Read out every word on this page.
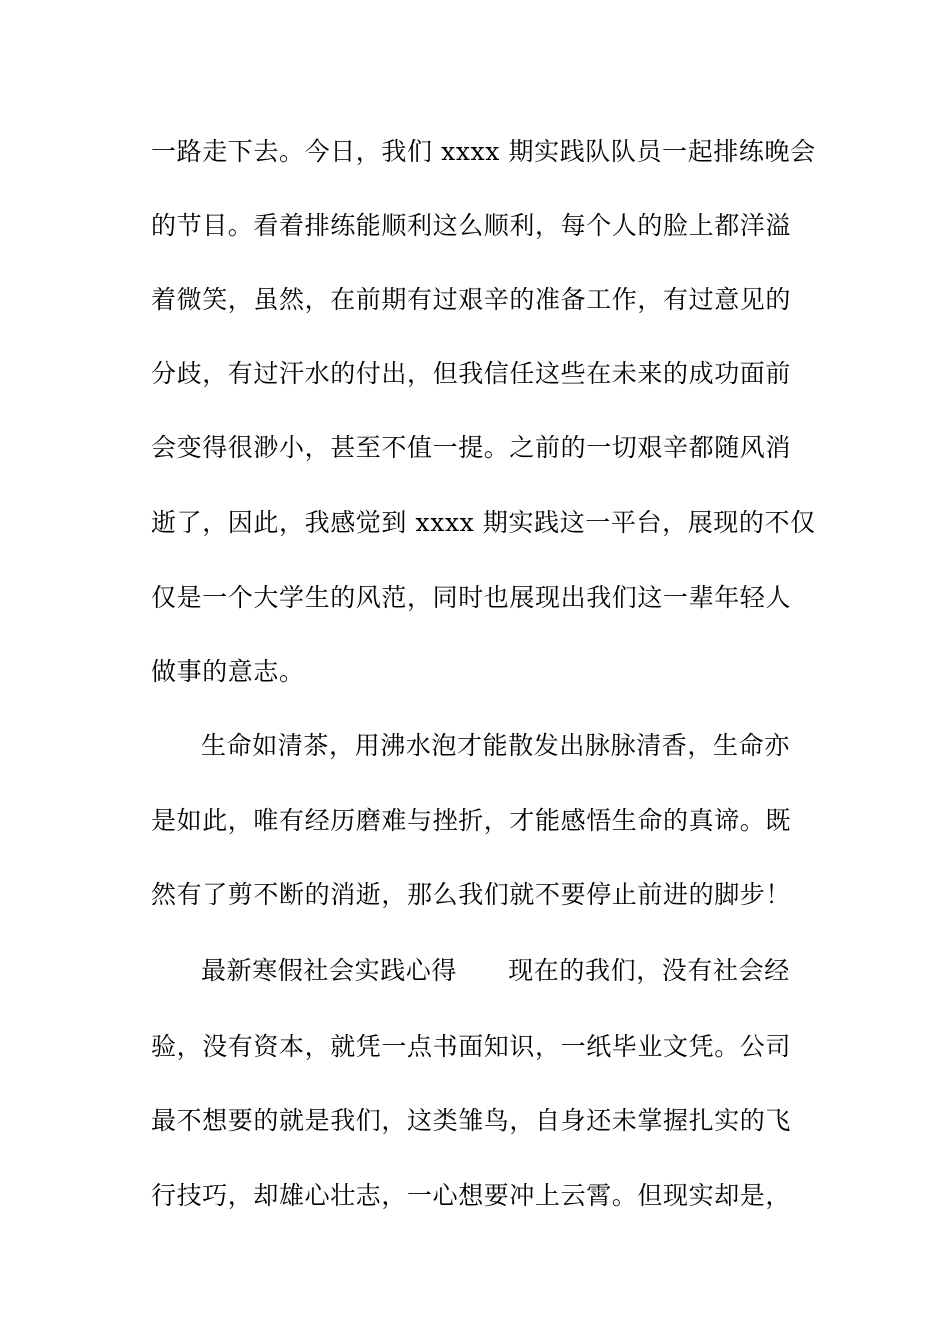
一路走下去。今日，我们 xxxx 期实践队队员一起排练晚会
的节目。看着排练能顺利这么顺利，每个人的脸上都洋溢
着微笑，虽然，在前期有过艰辛的准备工作，有过意见的
分歧，有过汗水的付出，但我信任这些在未来的成功面前
会变得很渺小，甚至不值一提。之前的一切艰辛都随风消
逝了，因此，我感觉到 xxxx 期实践这一平台，展现的不仅
仅是一个大学生的风范，同时也展现出我们这一辈年轻人
做事的意志。
生命如清茶，用沸水泡才能散发出脉脉清香，生命亦
是如此，唯有经历磨难与挫折，才能感悟生命的真谛。既
然有了剪不断的消逝，那么我们就不要停止前进的脚步！
最新寒假社会实践心得　　现在的我们，没有社会经
验，没有资本，就凭一点书面知识，一纸毕业文凭。公司
最不想要的就是我们，这类雏鸟，自身还未掌握扎实的飞
行技巧，却雄心壮志，一心想要冲上云霄。但现实却是，
